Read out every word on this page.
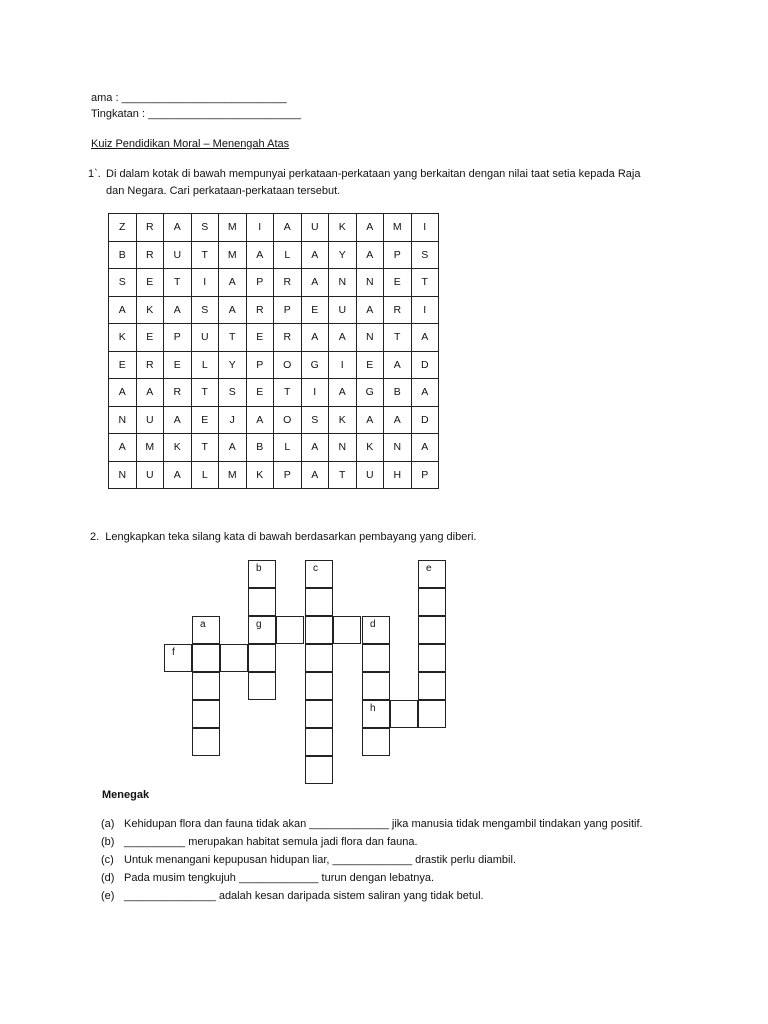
ama : ___________________________
Tingkatan : _________________________
Kuiz Pendidikan Moral – Menengah Atas
1`. Di dalam kotak di bawah mempunyai perkataan-perkataan yang berkaitan dengan nilai taat setia kepada Raja
dan Negara. Cari perkataan-perkataan tersebut.
Z	R	A	S	M	I	A	U	K	A	M	I
B	R	U	T	M	A	L	A	Y	A	P	S
S	E	T	I	A	P	R	A	N	N	E	T
A	K	A	S	A	R	P	E	U	A	R	I
K	E	P	U	T	E	R	A	A	N	T	A
E	R	E	L	Y	P	O	G	I	E	A	D
A	A	R	T	S	E	T	I	A	G	B	A
N	U	A	E	J	A	O	S	K	A	A	D
A	M	K	T	A	B	L	A	N	K	N	A
N	U	A	L	M	K	P	A	T	U	H	P
2.  Lengkapkan teka silang kata di bawah berdasarkan pembayang yang diberi.
b
g
c	e
a	d
h
f
Menegak
(a) Kehidupan flora dan fauna tidak akan _____________ jika manusia tidak mengambil tindakan yang positif.
(b) __________ merupakan habitat semula jadi flora dan fauna.
(c) Untuk menangani kepupusan hidupan liar, _____________ drastik perlu diambil.
(d) Pada musim tengkujuh _____________ turun dengan lebatnya.
(e) _______________ adalah kesan daripada sistem saliran yang tidak betul.
